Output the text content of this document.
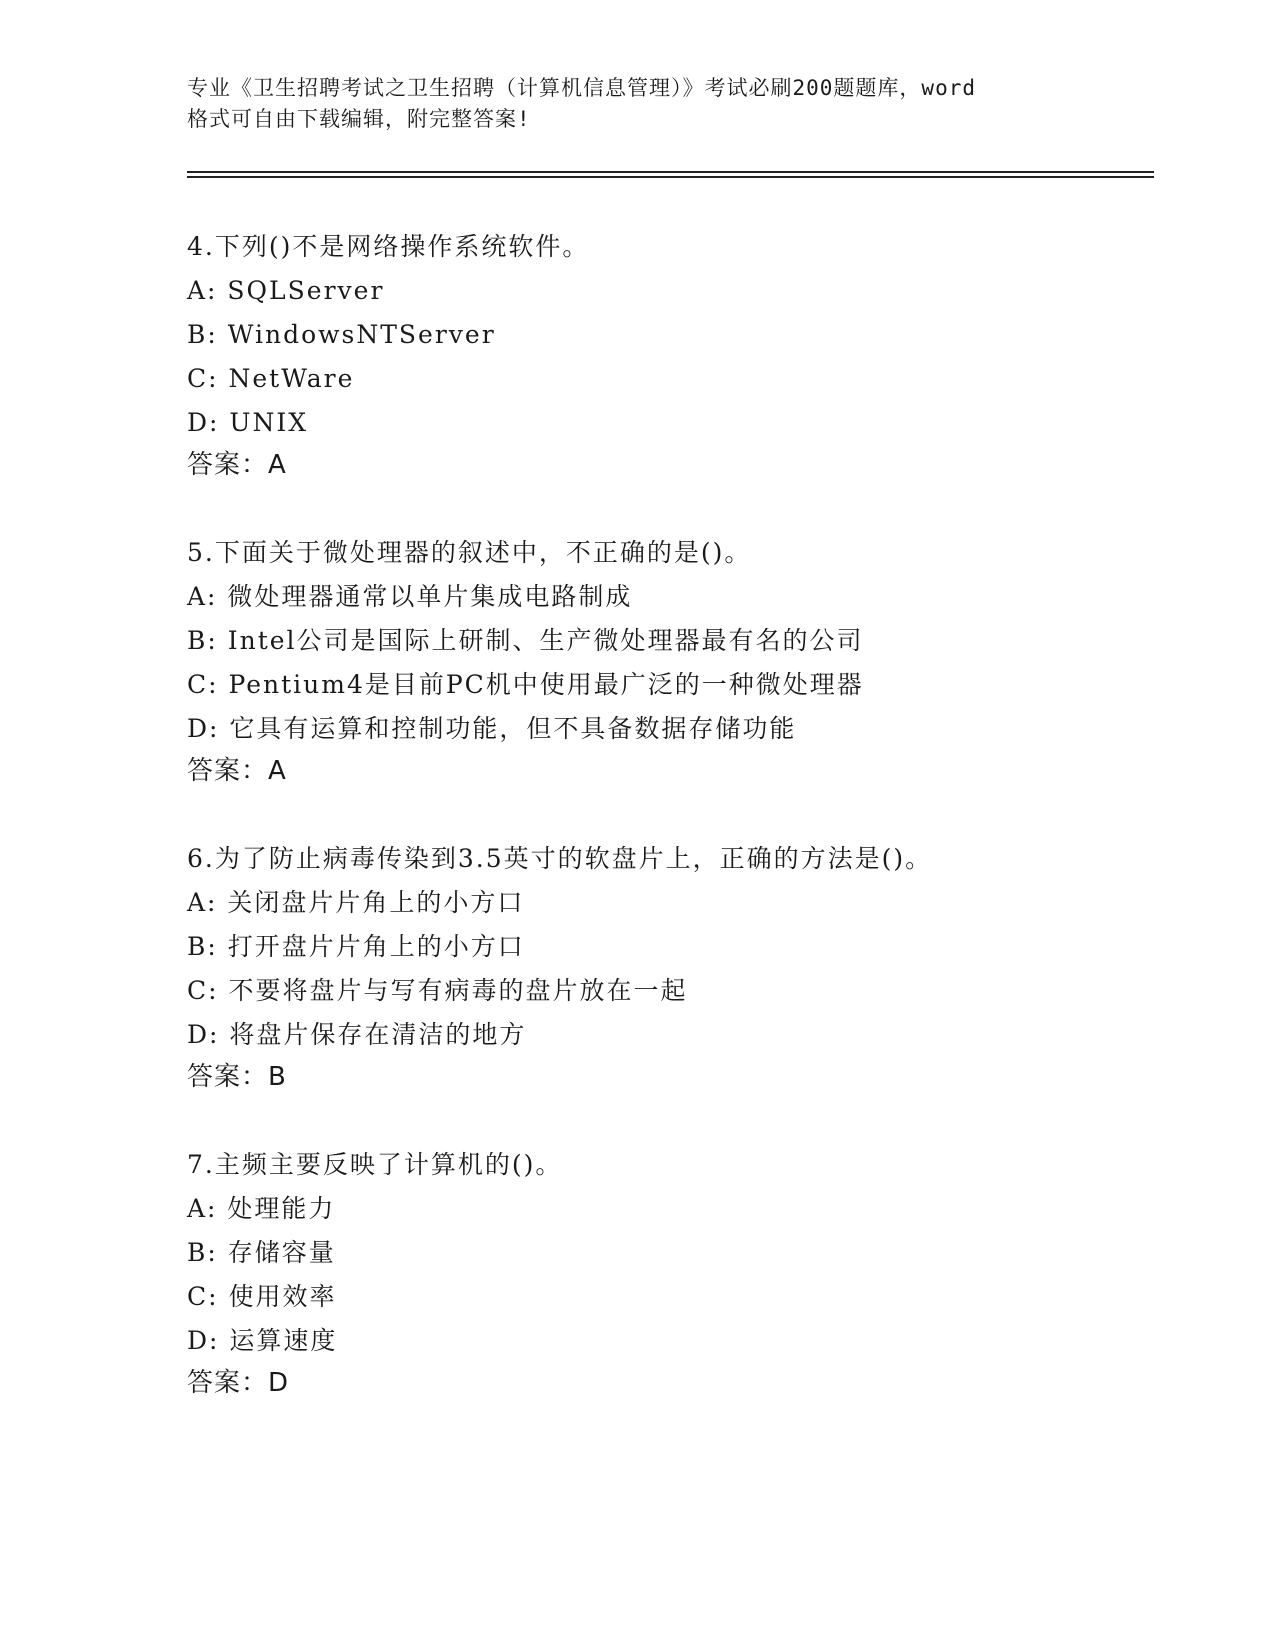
专业《卫生招聘考试之卫生招聘（计算机信息管理）》考试必刷200题题库，word
格式可自由下载编辑，附完整答案!
4.下列()不是网络操作系统软件。
A: SQLServer
B: WindowsNTServer
C: NetWare
D: UNIX
答案：A
5.下面关于微处理器的叙述中，不正确的是()。
A: 微处理器通常以单片集成电路制成
B: Intel公司是国际上研制、生产微处理器最有名的公司
C: Pentium4是目前PC机中使用最广泛的一种微处理器
D: 它具有运算和控制功能，但不具备数据存储功能
答案：A
6.为了防止病毒传染到3.5英寸的软盘片上，正确的方法是()。
A: 关闭盘片片角上的小方口
B: 打开盘片片角上的小方口
C: 不要将盘片与写有病毒的盘片放在一起
D: 将盘片保存在清洁的地方
答案：B
7.主频主要反映了计算机的()。
A: 处理能力
B: 存储容量
C: 使用效率
D: 运算速度
答案：D
